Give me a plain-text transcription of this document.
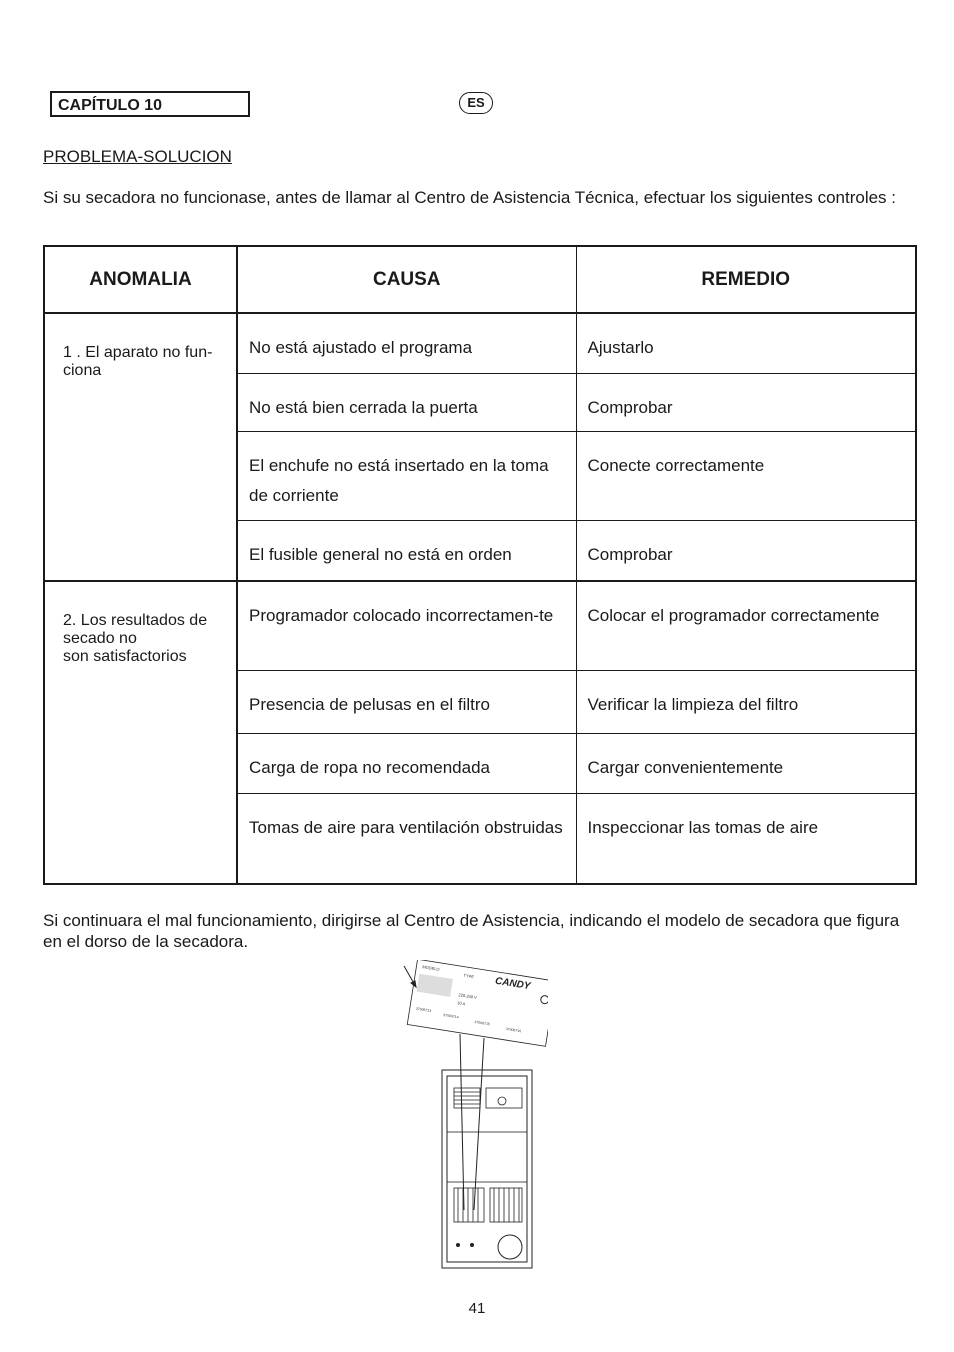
CAPÍTULO 10	ES
PROBLEMA-SOLUCION
Si su secadora no funcionase, antes de llamar al Centro de Asistencia Técnica, efectuar los siguientes controles :
ANOMALIA	CAUSA	REMEDIO
1 . El aparato no fun-
ciona	No está ajustado el programa	Ajustarlo
	No está bien cerrada la puerta	Comprobar
	El enchufe no está insertado en la toma de corriente	Conecte correctamente
	El fusible general no está en orden	Comprobar
2. Los resultados de secado no
son satisfactorios	Programador colocado incorrectamen-te	Colocar el programador correctamente
	Presencia de pelusas en el filtro	Verificar la limpieza del filtro
	Carga de ropa no recomendada	Cargar convenientemente
	Tomas de aire para ventilación obstruidas	Inspeccionar las tomas de aire
Si continuara el mal funcionamiento, dirigirse al Centro de Asistencia, indicando el modelo de secadora que figura en el dorso de la secadora.
MODELO
TYPE CANDY
220-240 V
10 A
37006713
37006714
37006715
37006716
41
